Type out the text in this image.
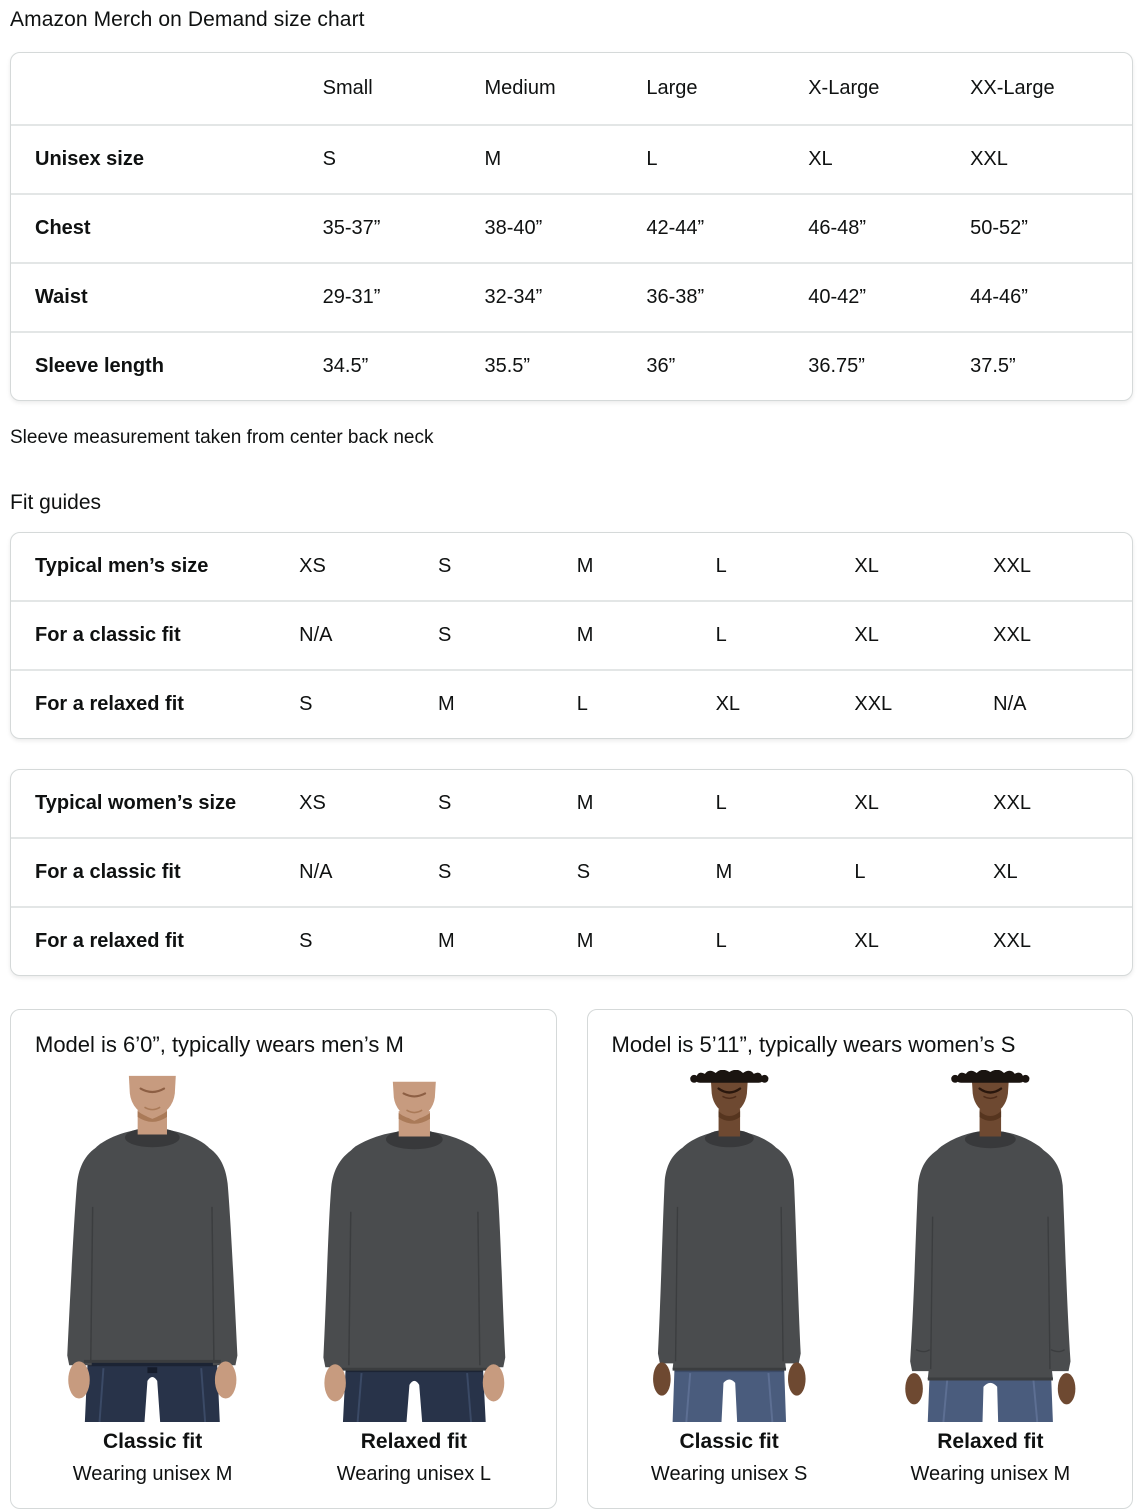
Amazon Merch on Demand size chart
	Small	Medium	Large	X-Large	XX-Large
Unisex size	S	M	L	XL	XXL
Chest	35-37”	38-40”	42-44”	46-48”	50-52”
Waist	29-31”	32-34”	36-38”	40-42”	44-46”
Sleeve length	34.5”	35.5”	36”	36.75”	37.5”

Sleeve measurement taken from center back neck

Fit guides
Typical men’s size	XS	S	M	L	XL	XXL
For a classic fit	N/A	S	M	L	XL	XXL
For a relaxed fit	S	M	L	XL	XXL	N/A
Typical women’s size	XS	S	M	L	XL	XXL
For a classic fit	N/A	S	S	M	L	XL
For a relaxed fit	S	M	M	L	XL	XXL
Model is 6’0”, typically wears men’s M
Classic fit
Wearing unisex M
Relaxed fit
Wearing unisex L
Model is 5’11”, typically wears women’s S
Classic fit
Wearing unisex S
Relaxed fit
Wearing unisex M
